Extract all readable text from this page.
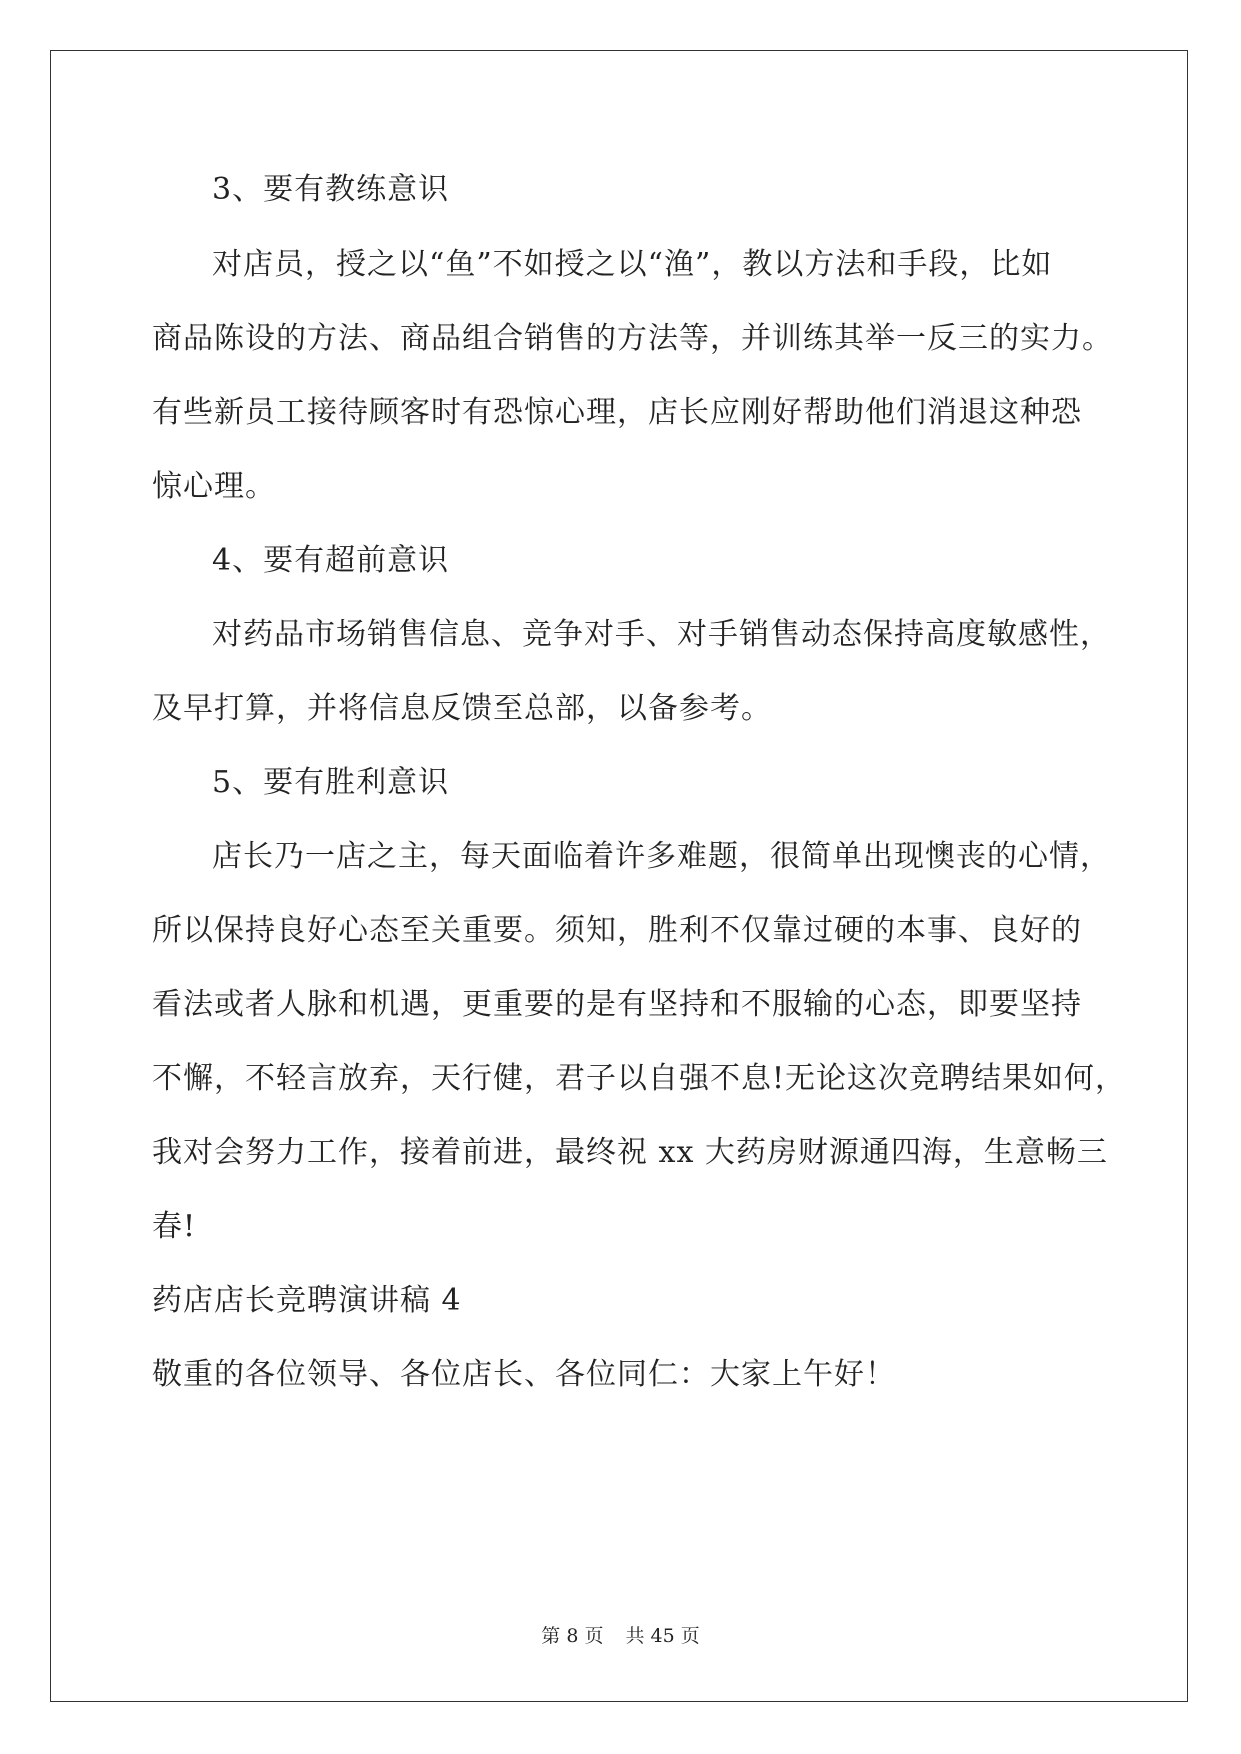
3、要有教练意识
对店员，授之以“鱼”不如授之以“渔”，教以方法和手段，比如
商品陈设的方法、商品组合销售的方法等，并训练其举一反三的实力。
有些新员工接待顾客时有恐惊心理，店长应刚好帮助他们消退这种恐
惊心理。
4、要有超前意识
对药品市场销售信息、竞争对手、对手销售动态保持高度敏感性，
及早打算，并将信息反馈至总部，以备参考。
5、要有胜利意识
店长乃一店之主，每天面临着许多难题，很简单出现懊丧的心情，
所以保持良好心态至关重要。须知，胜利不仅靠过硬的本事、良好的
看法或者人脉和机遇，更重要的是有坚持和不服输的心态，即要坚持
不懈，不轻言放弃，天行健，君子以自强不息!无论这次竞聘结果如何，
我对会努力工作，接着前进，最终祝 xx 大药房财源通四海，生意畅三
春!
药店店长竞聘演讲稿 4
敬重的各位领导、各位店长、各位同仁：大家上午好！
第 8 页 共 45 页
